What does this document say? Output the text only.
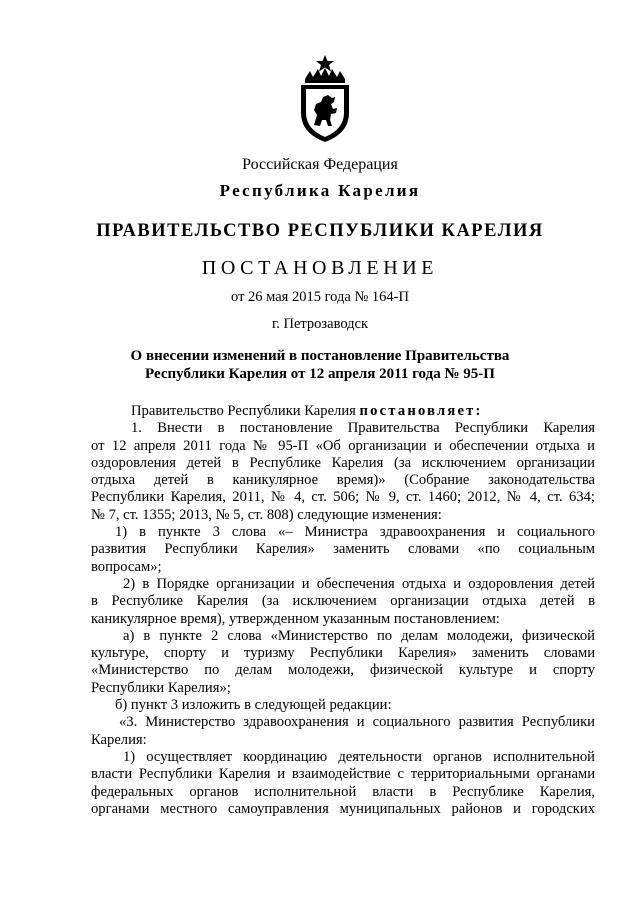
Российская Федерация
Республика Карелия
ПРАВИТЕЛЬСТВО РЕСПУБЛИКИ КАРЕЛИЯ
ПОСТАНОВЛЕНИЕ
от 26 мая 2015 года № 164-П
г. Петрозаводск
О внесении изменений в постановление Правительства
Республики Карелия от 12 апреля 2011 года № 95-П
Правительство Республики Карелия постановляет:
1. Внести в постановление Правительства Республики Карелия
от 12 апреля 2011 года № 95-П «Об организации и обеспечении отдыха и
оздоровления детей в Республике Карелия (за исключением организации
отдыха детей в каникулярное время)» (Собрание законодательства
Республики Карелия, 2011, № 4, ст. 506; № 9, ст. 1460; 2012, № 4, ст. 634;
№ 7, ст. 1355; 2013, № 5, ст. 808) следующие изменения:
1) в пункте 3 слова «– Министра здравоохранения и социального
развития Республики Карелия» заменить словами «по социальным
вопросам»;
2) в Порядке организации и обеспечения отдыха и оздоровления детей
в Республике Карелия (за исключением организации отдыха детей в
каникулярное время), утвержденном указанным постановлением:
а) в пункте 2 слова «Министерство по делам молодежи, физической
культуре, спорту и туризму Республики Карелия» заменить словами
«Министерство по делам молодежи, физической культуре и спорту
Республики Карелия»;
б) пункт 3 изложить в следующей редакции:
«3. Министерство здравоохранения и социального развития Республики
Карелия:
1) осуществляет координацию деятельности органов исполнительной
власти Республики Карелия и взаимодействие с территориальными органами
федеральных органов исполнительной власти в Республике Карелия,
органами местного самоуправления муниципальных районов и городских
